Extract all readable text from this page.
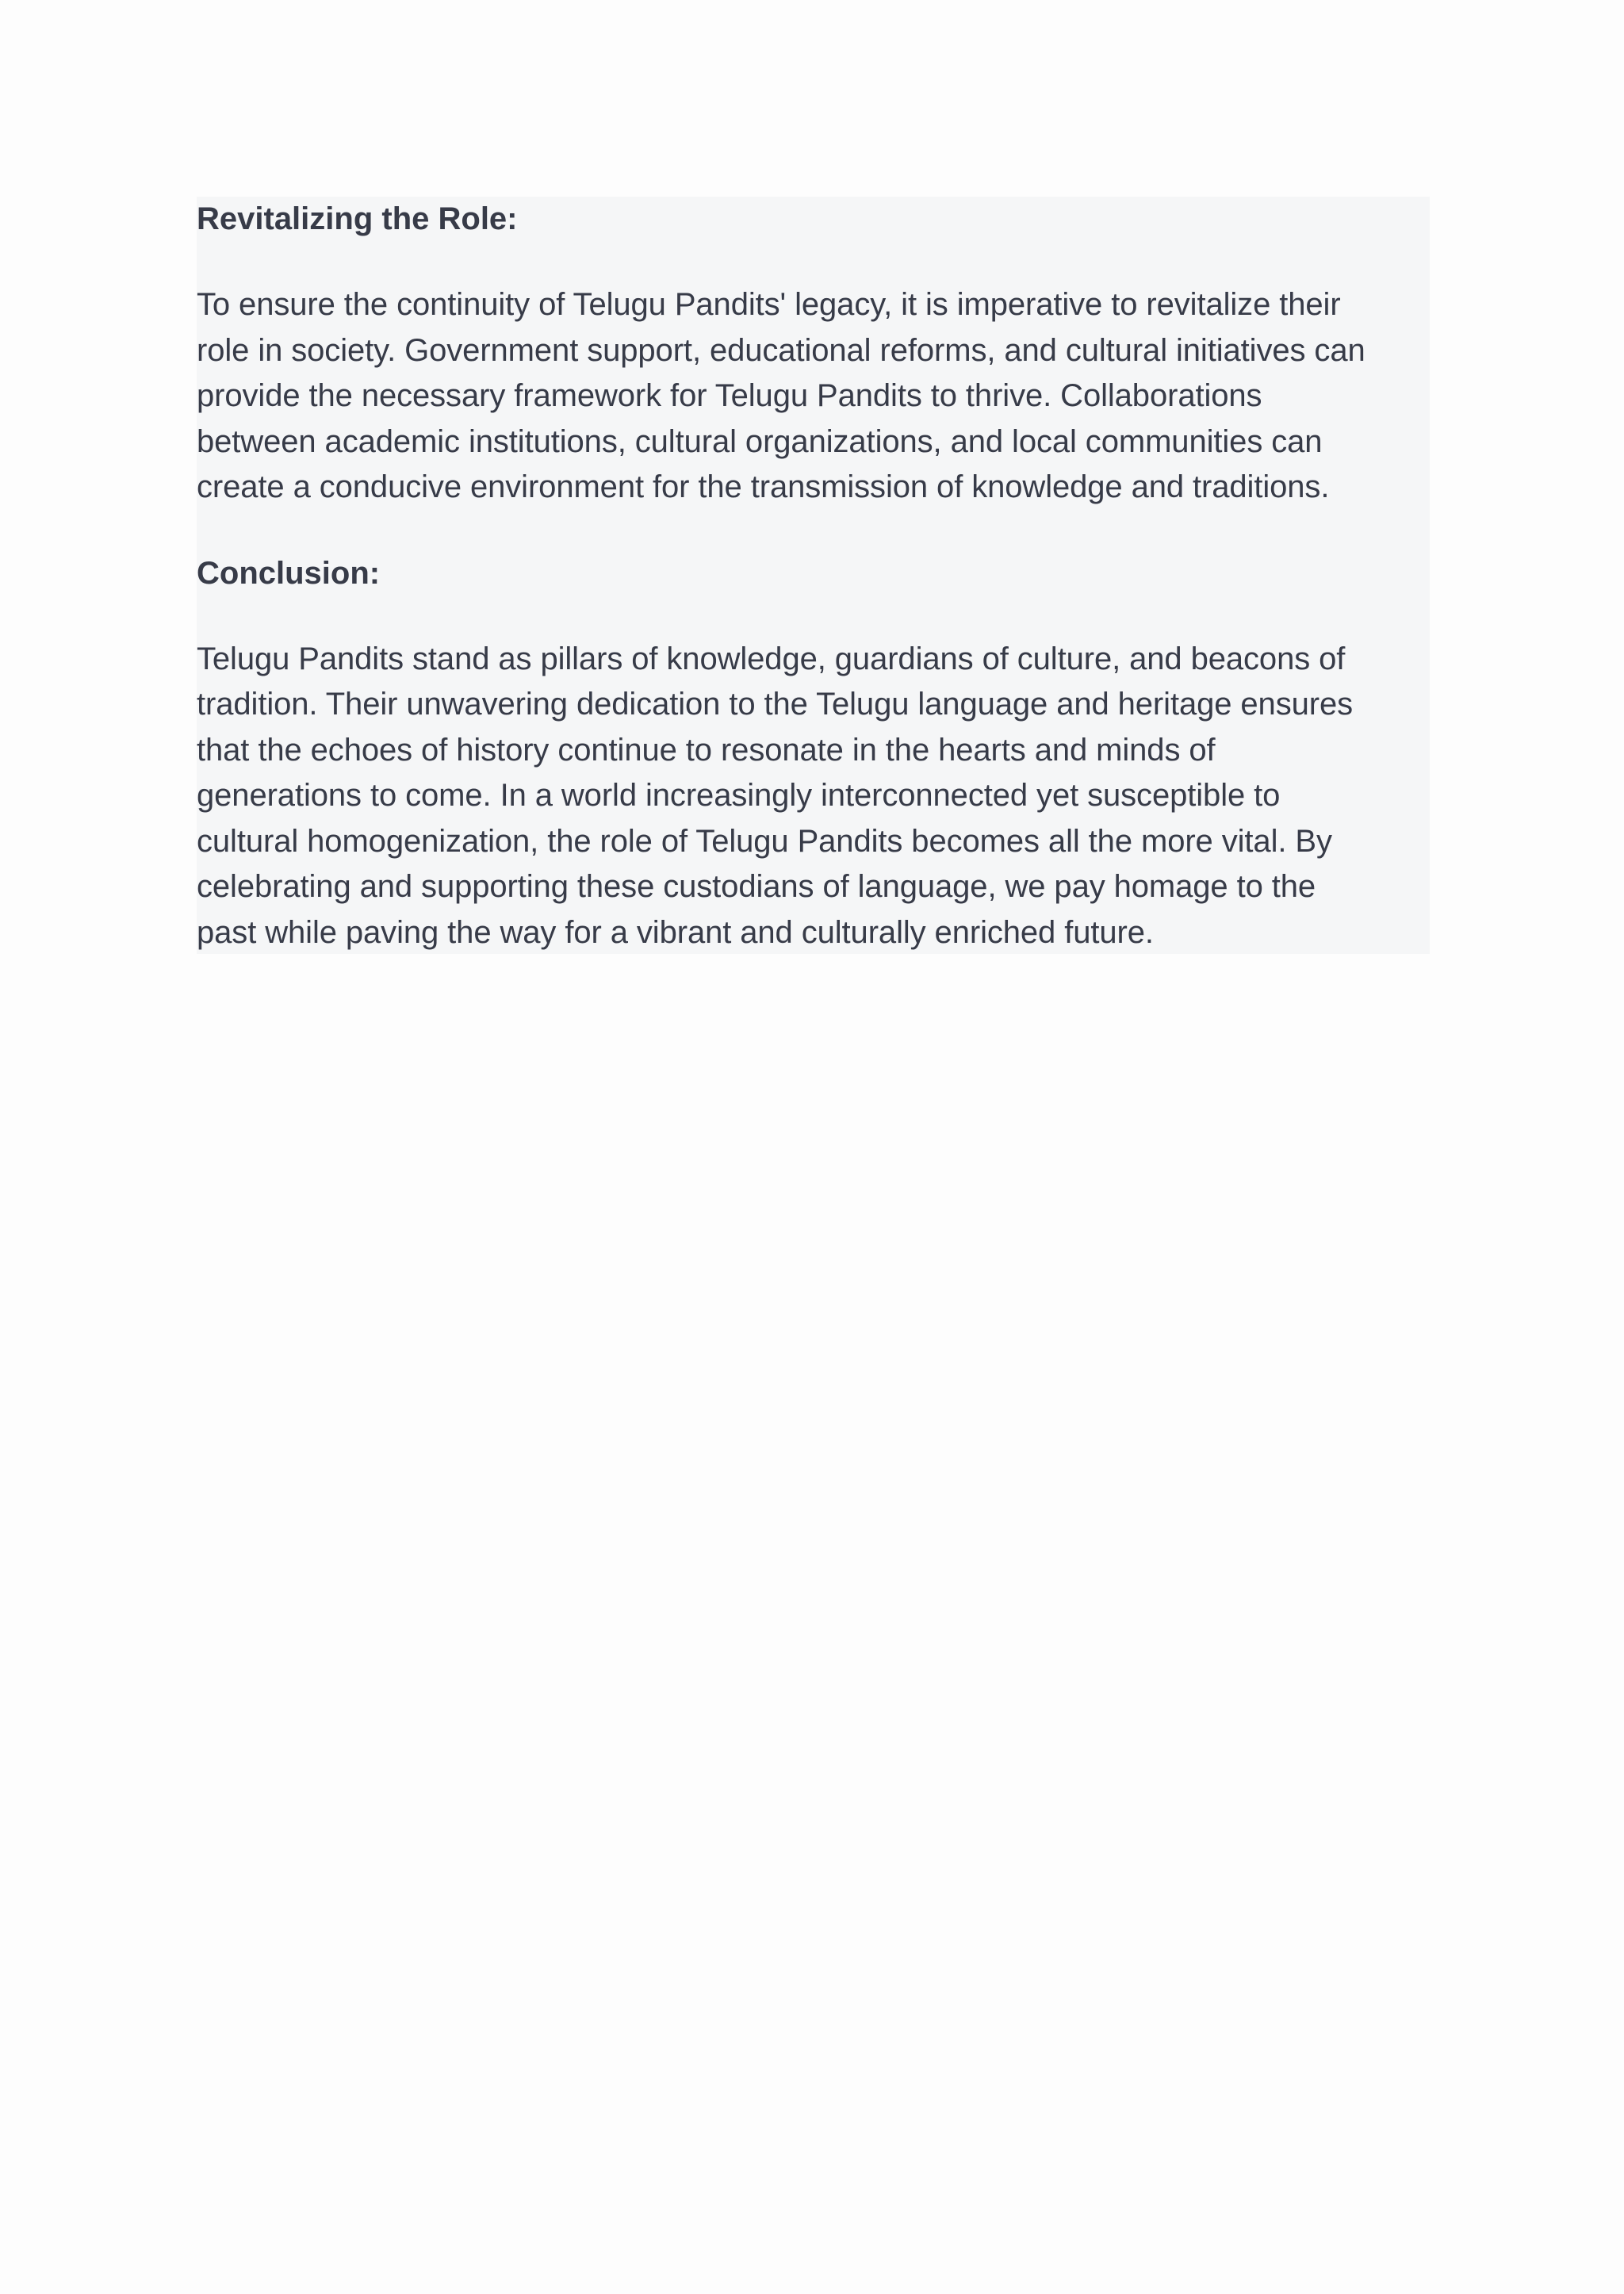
Revitalizing the Role:
To ensure the continuity of Telugu Pandits' legacy, it is imperative to revitalize their
role in society. Government support, educational reforms, and cultural initiatives can
provide the necessary framework for Telugu Pandits to thrive. Collaborations
between academic institutions, cultural organizations, and local communities can
create a conducive environment for the transmission of knowledge and traditions.
Conclusion:
Telugu Pandits stand as pillars of knowledge, guardians of culture, and beacons of
tradition. Their unwavering dedication to the Telugu language and heritage ensures
that the echoes of history continue to resonate in the hearts and minds of
generations to come. In a world increasingly interconnected yet susceptible to
cultural homogenization, the role of Telugu Pandits becomes all the more vital. By
celebrating and supporting these custodians of language, we pay homage to the
past while paving the way for a vibrant and culturally enriched future.
